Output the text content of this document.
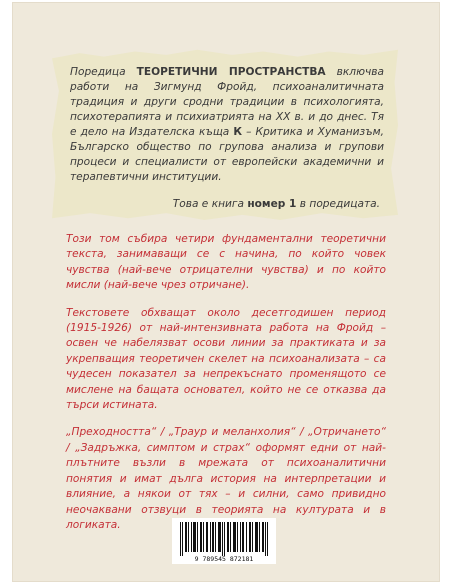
Поредица ТЕОРЕТИЧНИ ПРОСТРАНСТВА включва работи на Зигмунд Фройд, психоаналитичната традиция и други сродни традиции в психологията, психотерапията и психиатрията на XX в. и до днес. Тя е дело на Издателска къща К – Критика и Хуманизъм, Българско общество по групова анализа и групови процеси и специалисти от европейски академични и терапевтични институции.
Това е книга номер 1 в поредицата.

Този том събира четири фундаментални теоретични текста, занимаващи се с начина, по който човек чувства (най-вече отрицателни чувства) и по който мисли (най-вече чрез отричане).

Текстовете обхващат около десетгодишен период (1915-1926) от най-интензивната работа на Фройд – освен че набелязват осови линии за практиката и за укрепващия теоретичен скелет на психоанализата – са чудесен показател за непрекъснато променящото се мислене на бащата основател, който не се отказва да търси истината.

„Преходността“ / „Траур и меланхолия“ / „Отричането“ / „Задръжка, симптом и страх“ оформят едни от най-плътните възли в мрежата от психоаналитични понятия и имат дълга история на интерпретации и влияние, а някои от тях – и силни, само привидно неочаквани отзвуци в теорията на културата и в логиката.

9 789545 872181
